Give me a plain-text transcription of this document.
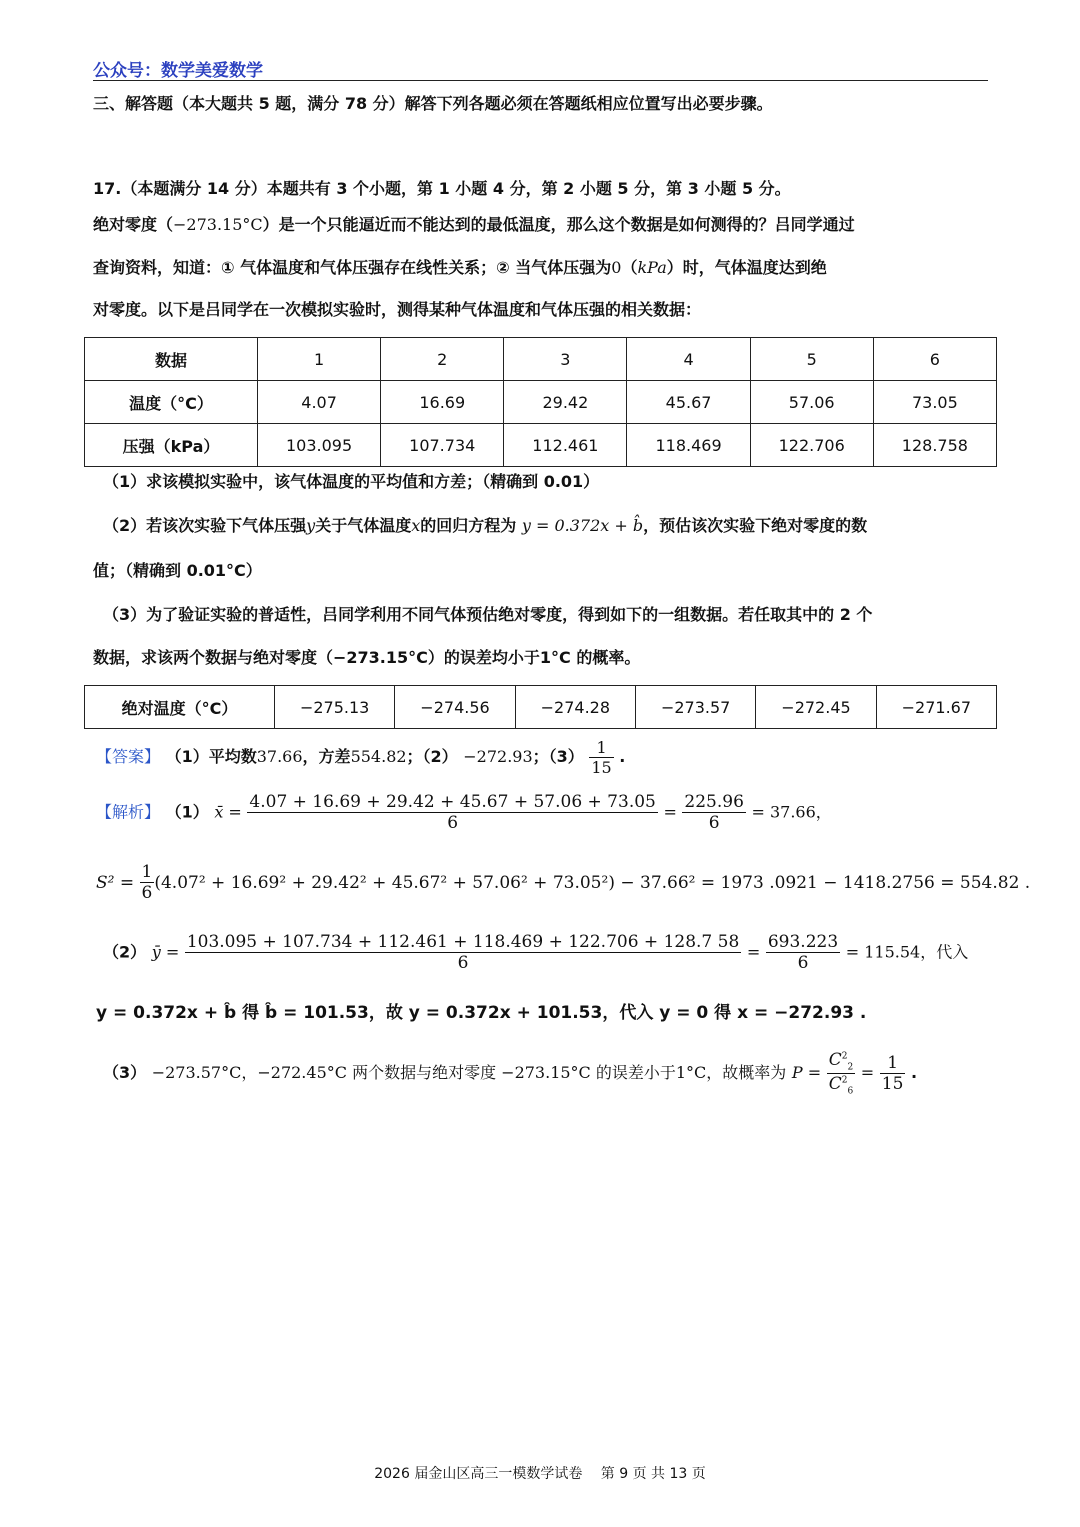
公众号：数学美爱数学
三、解答题（本大题共 5 题，满分 78 分）解答下列各题必须在答题纸相应位置写出必要步骤。
17.（本题满分 14 分）本题共有 3 个小题，第 1 小题 4 分，第 2 小题 5 分，第 3 小题 5 分。
绝对零度（−273.15°C）是一个只能逼近而不能达到的最低温度，那么这个数据是如何测得的？吕同学通过
查询资料，知道：① 气体温度和气体压强存在线性关系；② 当气体压强为0（kPa）时，气体温度达到绝
对零度。以下是吕同学在一次模拟实验时，测得某种气体温度和气体压强的相关数据：
数据	1	2	3	4	5	6
温度（°C）	4.07	16.69	29.42	45.67	57.06	73.05
压强（kPa）	103.095	107.734	112.461	118.469	122.706	128.758
（1）求该模拟实验中，该气体温度的平均值和方差；（精确到 0.01）
（2）若该次实验下气体压强y关于气体温度x的回归方程为 y = 0.372x + b̂，预估该次实验下绝对零度的数
值；（精确到 0.01°C）
（3）为了验证实验的普适性，吕同学利用不同气体预估绝对零度，得到如下的一组数据。若任取其中的 2 个
数据，求该两个数据与绝对零度（−273.15°C）的误差均小于1°C 的概率。
绝对温度（°C）	−275.13	−274.56	−274.28	−273.57	−272.45	−271.67
【答案】 （1）平均数37.66，方差554.82；（2） −272.93；$(3) \frac{1}{15}$ .
【解析】 （1） x̄ = $\frac{4.07 + 16.69 + 29.42 + 45.67 + 57.06 + 73.05}{6} = \frac{225.96}{6} = 37.66$，
$S^2 = \frac{1}{6} (4.07^2 + 16.69^2 + 29.42^2 + 45.67^2 + 57.06^2 + 73.05^2) - 37.66^2 = 1973$ .0921 − 1418.2756 = 554.82 .
（2） ȳ = $\frac{103.095 + 107.734 + 112.461 + 118.469 + 122.706 + 128.7 58}{6} = \frac{693.223}{6} = 115.54$，代入
y = 0.372x + b̂ 得 b̂ = 101.53，故 y = 0.372x + 101.53，代入 y = 0 得 x = −272.93 .
（3） −273.57°C，−272.45°C 两个数据与绝对零度 −273.15°C 的误差小于1°C，故概率为 $P = \frac{C^2_2}{C^2_6} = \frac{1}{15}$ .
2026 届金山区高三一模数学试卷　 第 9 页 共 13 页
